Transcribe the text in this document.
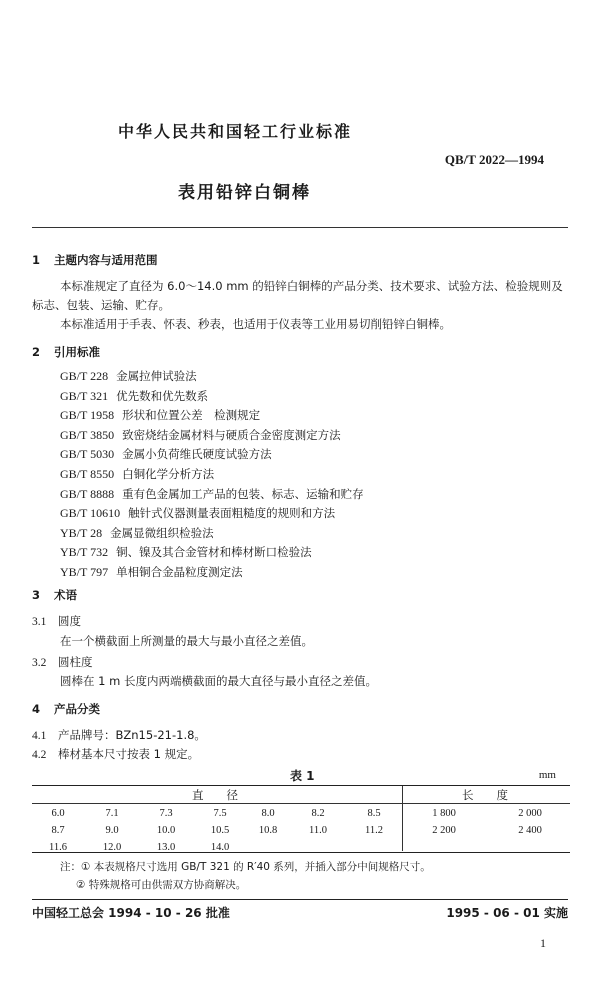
中华人民共和国轻工行业标准
QB/T 2022—1994
表用铅锌白铜棒
1 主题内容与适用范围
本标准规定了直径为 6.0～14.0 mm 的铅锌白铜棒的产品分类、技术要求、试验方法、检验规则及
标志、包装、运输、贮存。
本标准适用于手表、怀表、秒表，也适用于仪表等工业用易切削铅锌白铜棒。
2 引用标准
GB/T 228 金属拉伸试验法
GB/T 321 优先数和优先数系
GB/T 1958 形状和位置公差　检测规定
GB/T 3850 致密烧结金属材料与硬质合金密度测定方法
GB/T 5030 金属小负荷维氏硬度试验方法
GB/T 8550 白铜化学分析方法
GB/T 8888 重有色金属加工产品的包装、标志、运输和贮存
GB/T 10610 触针式仪器测量表面粗糙度的规则和方法
YB/T 28 金属显微组织检验法
YB/T 732 铜、镍及其合金管材和棒材断口检验法
YB/T 797 单相铜合金晶粒度测定法
3 术语
3.1 圆度
在一个横截面上所测量的最大与最小直径之差值。
3.2 圆柱度
圆棒在 1 m 长度内两端横截面的最大直径与最小直径之差值。
4 产品分类
4.1 产品牌号：BZn15-21-1.8。
4.2 棒材基本尺寸按表 1 规定。
表 1	mm
直　　径	长　　度
6.0	7.1	7.3	7.5	8.0	8.2	8.5	1 800	2 000
8.7	9.0	10.0	10.5	10.8	11.0	11.2	2 200	2 400
11.6	12.0	13.0	14.0
注：① 本表规格尺寸选用 GB/T 321 的 R′40 系列，并插入部分中间规格尺寸。
② 特殊规格可由供需双方协商解决。
中国轻工总会 1994 - 10 - 26 批准	1995 - 06 - 01 实施
1
